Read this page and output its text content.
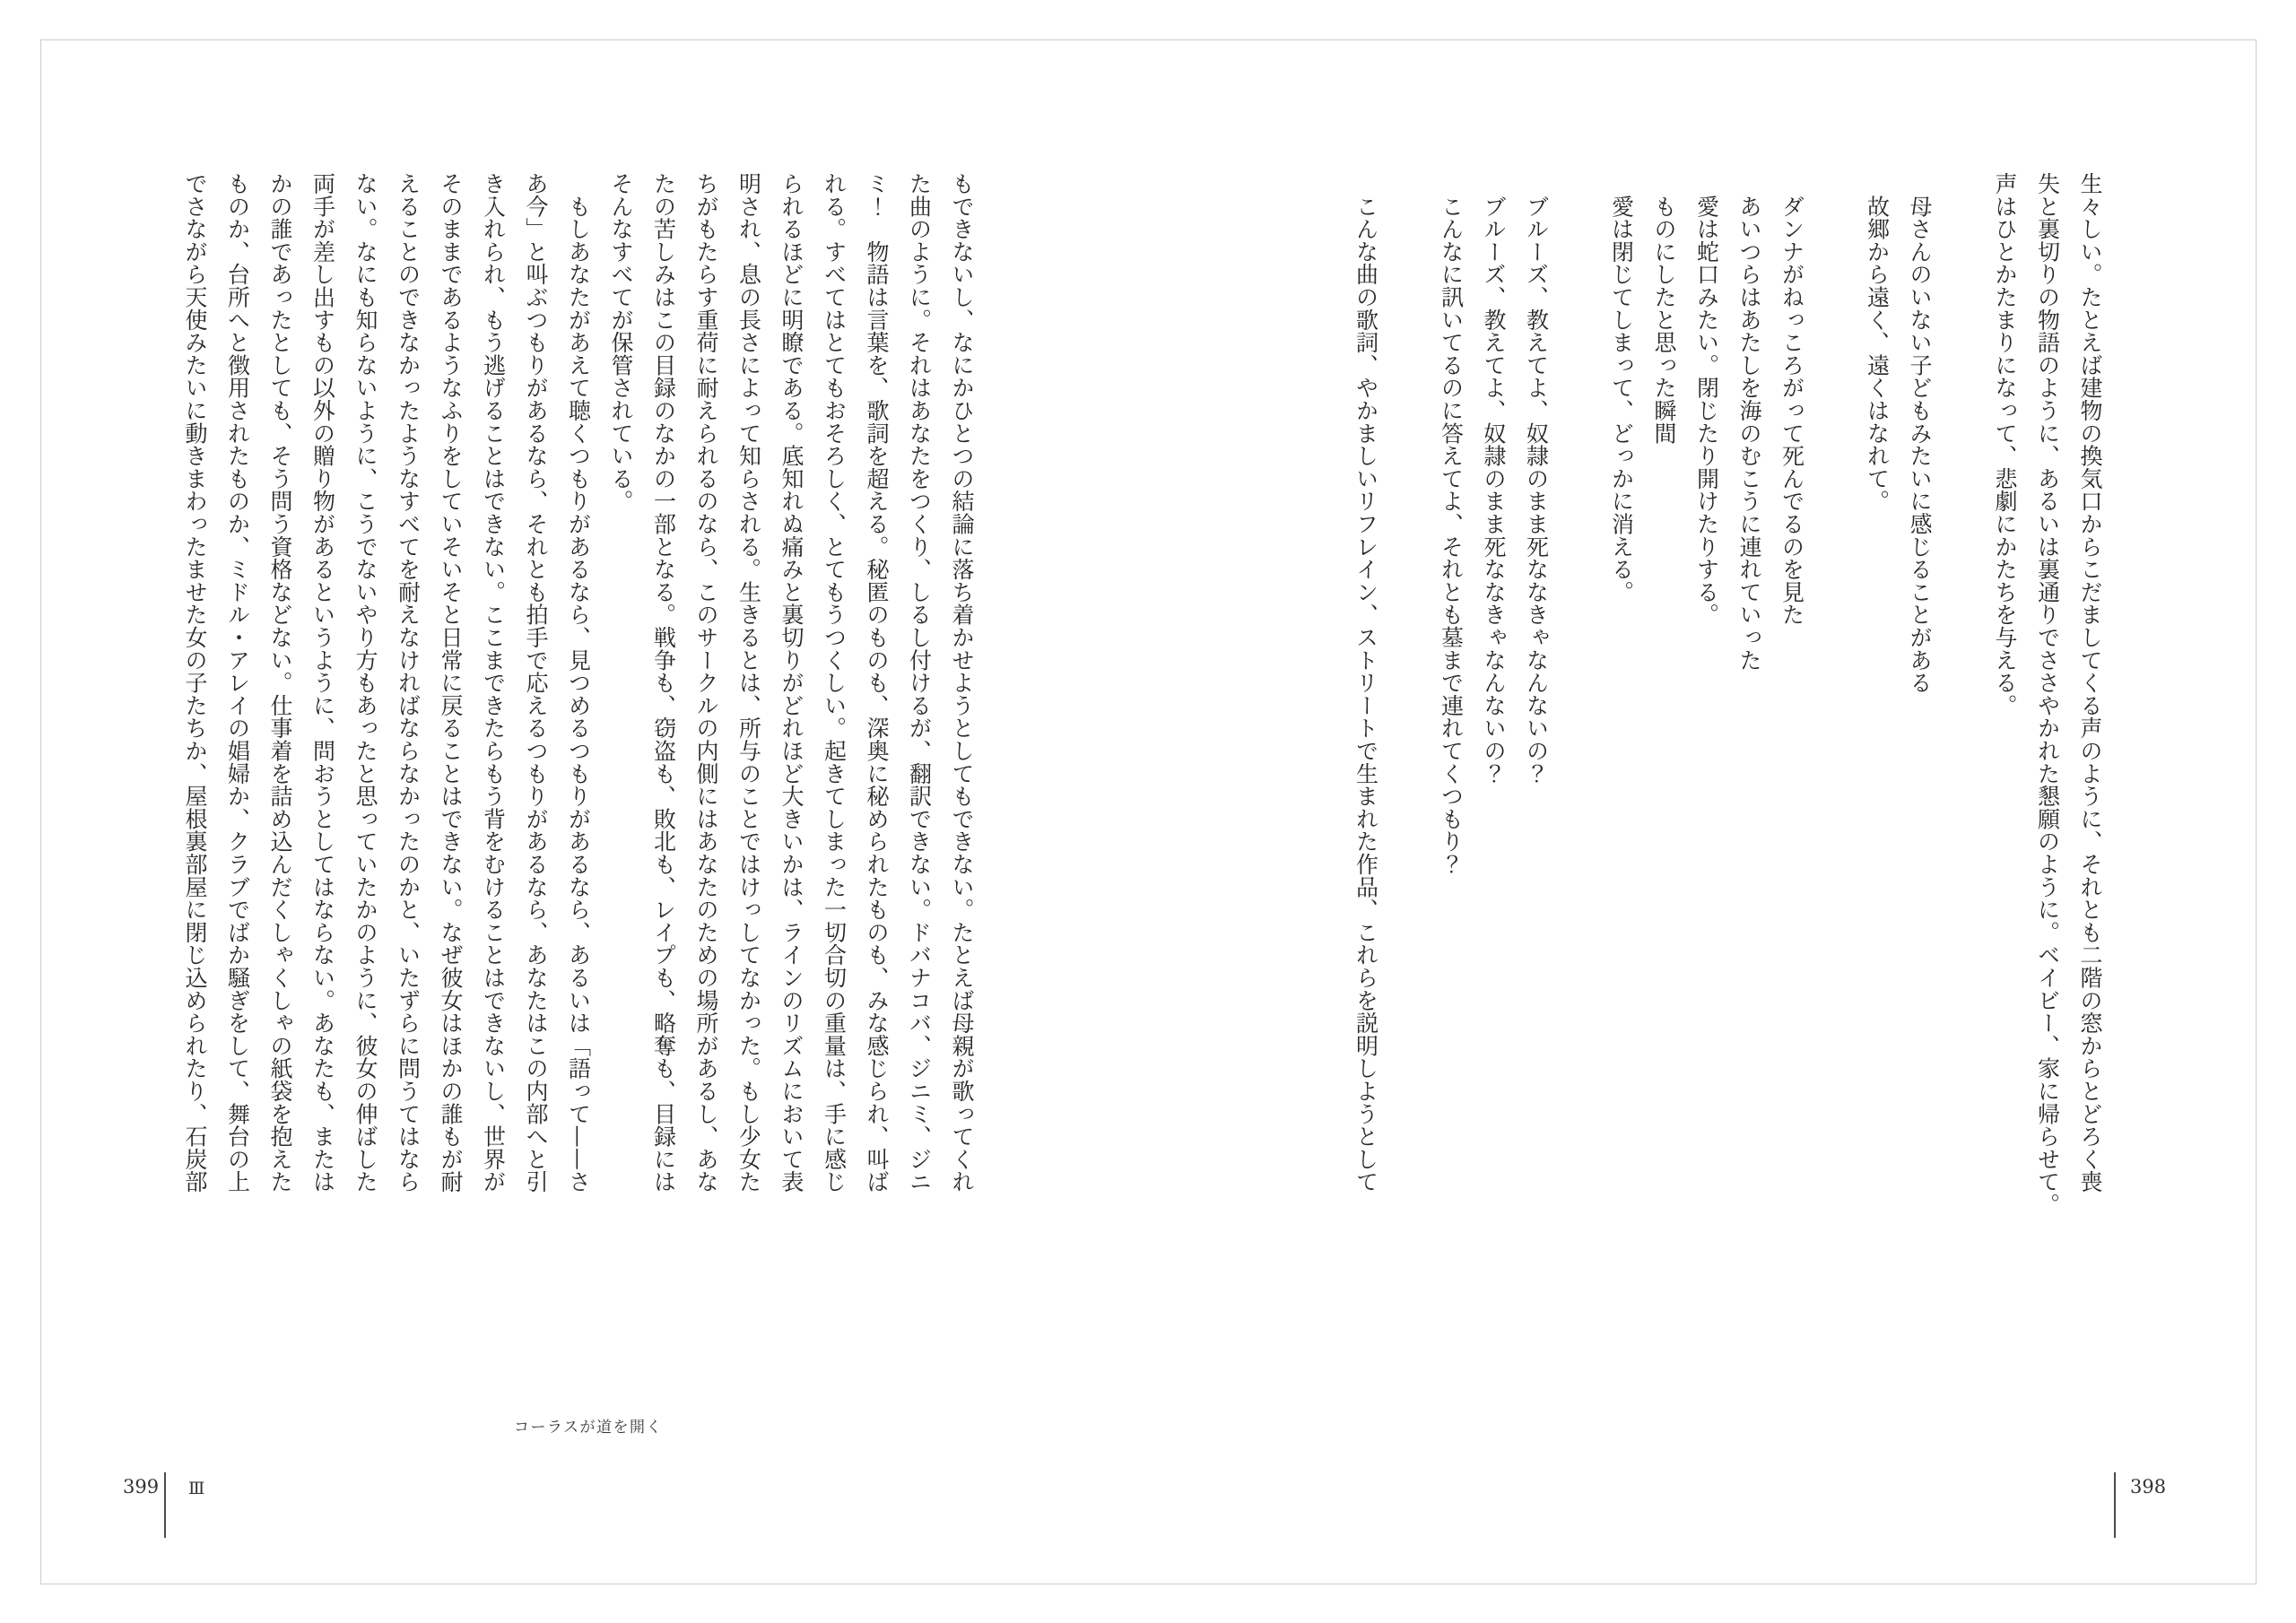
生々しい。たとえば建物の換気口からこだましてくる声のように、それとも二階の窓からとどろく喪
失と裏切りの物語のように、あるいは裏通りでささやかれた懇願のように。ベイビー、家に帰らせて。
声はひとかたまりになって、悲劇にかたちを与える。

　母さんのいない子どもみたいに感じることがある
　故郷から遠く、遠くはなれて。

　ダンナがねっころがって死んでるのを見た
　あいつらはあたしを海のむこうに連れていった
　愛は蛇口みたい。閉じたり開けたりする。
　ものにしたと思った瞬間
　愛は閉じてしまって、どっかに消える。

　ブルーズ、教えてよ、奴隷のまま死ななきゃなんないの？
　ブルーズ、教えてよ、奴隷のまま死ななきゃなんないの？
　こんなに訊いてるのに答えてよ、それとも墓まで連れてくつもり？

　こんな曲の歌詞、やかましいリフレイン、ストリートで生まれた作品、これらを説明しようとして
もできないし、なにかひとつの結論に落ち着かせようとしてもできない。たとえば母親が歌ってくれ
た曲のように。それはあなたをつくり、しるし付けるが、翻訳できない。ドバナコバ、ジニミ、ジニ
ミ！　物語は言葉を、歌詞を超える。秘匿のものも、深奥に秘められたものも、みな感じられ、叫ば
れる。すべてはとてもおそろしく、とてもうつくしい。起きてしまった一切合切の重量は、手に感じ
られるほどに明瞭である。底知れぬ痛みと裏切りがどれほど大きいかは、ラインのリズムにおいて表
明され、息の長さによって知らされる。生きるとは、所与のことではけっしてなかった。もし少女た
ちがもたらす重荷に耐えられるのなら、このサークルの内側にはあなたのための場所があるし、あな
たの苦しみはこの目録のなかの一部となる。戦争も、窃盗も、敗北も、レイプも、略奪も、目録には
そんなすべてが保管されている。
　もしあなたがあえて聴くつもりがあるなら、見つめるつもりがあるなら、あるいは「語って——さ
あ今」と叫ぶつもりがあるなら、それとも拍手で応えるつもりがあるなら、あなたはこの内部へと引
き入れられ、もう逃げることはできない。ここまできたらもう背をむけることはできないし、世界が
そのままであるようなふりをしていそいそと日常に戻ることはできない。なぜ彼女はほかの誰もが耐
えることのできなかったようなすべてを耐えなければならなかったのかと、いたずらに問うてはなら
ない。なにも知らないように、こうでないやり方もあったと思っていたかのように、彼女の伸ばした
両手が差し出すもの以外の贈り物があるというように、問おうとしてはならない。あなたも、または
かの誰であったとしても、そう問う資格などない。仕事着を詰め込んだくしゃくしゃの紙袋を抱えた
ものか、台所へと徴用されたものか、ミドル・アレイの娼婦か、クラブでばか騒ぎをして、舞台の上
でさながら天使みたいに動きまわったませた女の子たちか、屋根裏部屋に閉じ込められたり、石炭部
コーラスが道を開く
399 Ⅲ	398
